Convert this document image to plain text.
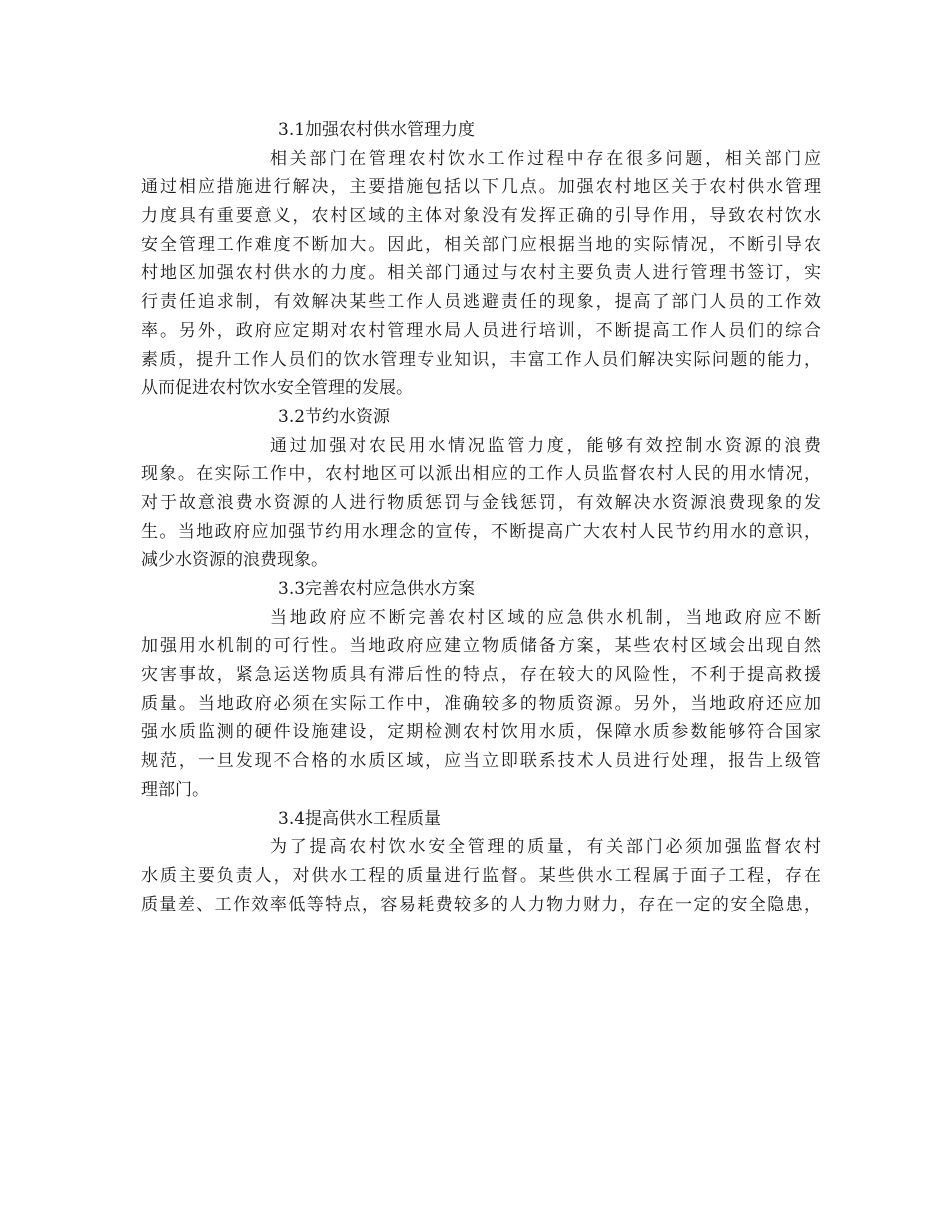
3.1加强农村供水管理力度
相关部门在管理农村饮水工作过程中存在很多问题，相关部门应
通过相应措施进行解决，主要措施包括以下几点。加强农村地区关于农村供水管理
力度具有重要意义，农村区域的主体对象没有发挥正确的引导作用，导致农村饮水
安全管理工作难度不断加大。因此，相关部门应根据当地的实际情况，不断引导农
村地区加强农村供水的力度。相关部门通过与农村主要负责人进行管理书签订，实
行责任追求制，有效解决某些工作人员逃避责任的现象，提高了部门人员的工作效
率。另外，政府应定期对农村管理水局人员进行培训，不断提高工作人员们的综合
素质，提升工作人员们的饮水管理专业知识，丰富工作人员们解决实际问题的能力，
从而促进农村饮水安全管理的发展。
3.2节约水资源
通过加强对农民用水情况监管力度，能够有效控制水资源的浪费
现象。在实际工作中，农村地区可以派出相应的工作人员监督农村人民的用水情况，
对于故意浪费水资源的人进行物质惩罚与金钱惩罚，有效解决水资源浪费现象的发
生。当地政府应加强节约用水理念的宣传，不断提高广大农村人民节约用水的意识，
减少水资源的浪费现象。
3.3完善农村应急供水方案
当地政府应不断完善农村区域的应急供水机制，当地政府应不断
加强用水机制的可行性。当地政府应建立物质储备方案，某些农村区域会出现自然
灾害事故，紧急运送物质具有滞后性的特点，存在较大的风险性，不利于提高救援
质量。当地政府必须在实际工作中，准确较多的物质资源。另外，当地政府还应加
强水质监测的硬件设施建设，定期检测农村饮用水质，保障水质参数能够符合国家
规范，一旦发现不合格的水质区域，应当立即联系技术人员进行处理，报告上级管
理部门。
3.4提高供水工程质量
为了提高农村饮水安全管理的质量，有关部门必须加强监督农村
水质主要负责人，对供水工程的质量进行监督。某些供水工程属于面子工程，存在
质量差、工作效率低等特点，容易耗费较多的人力物力财力，存在一定的安全隐患，
